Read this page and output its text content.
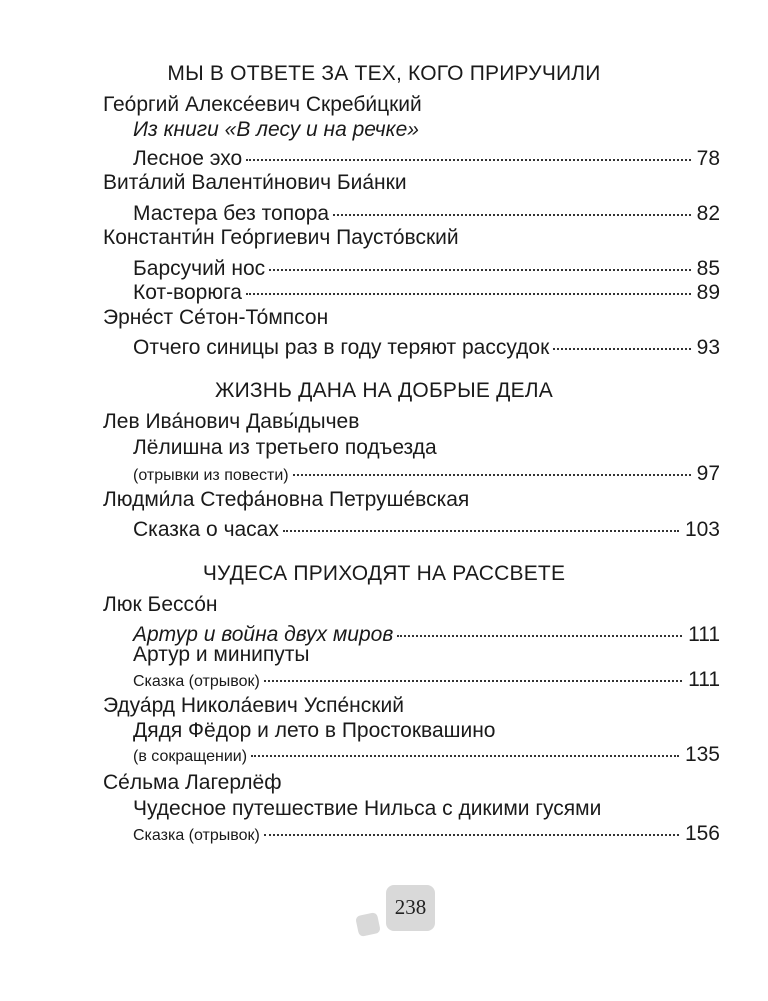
МЫ В ОТВЕТЕ ЗА ТЕХ, КОГО ПРИРУЧИЛИ
Гео́ргий Алексе́евич Скреби́цкий
Из книги «В лесу и на речке»
Лесное эхо	78
Вита́лий Валенти́нович Биа́нки
Мастера без топора	82
Константи́н Гео́ргиевич Паусто́вский
Барсучий нос	85
Кот-ворюга	89
Эрне́ст Се́тон-То́мпсон
Отчего синицы раз в году теряют рассудок	93
ЖИЗНЬ ДАНА НА ДОБРЫЕ ДЕЛА
Лев Ива́нович Давы́дычев
Лёлишна из третьего подъезда
(отрывки из повести)	97
Людми́ла Стефа́новна Петруше́вская
Сказка о часах	103
ЧУДЕСА ПРИХОДЯТ НА РАССВЕТЕ
Люк Бессо́н
Артур и война двух миров	111
Артур и минипуты
Сказка (отрывок)	111
Эдуа́рд Никола́евич Успе́нский
Дядя Фёдор и лето в Простоквашино
(в сокращении)	135
Се́льма Лагерлёф
Чудесное путешествие Нильса с дикими гусями
Сказка (отрывок)	156
238
